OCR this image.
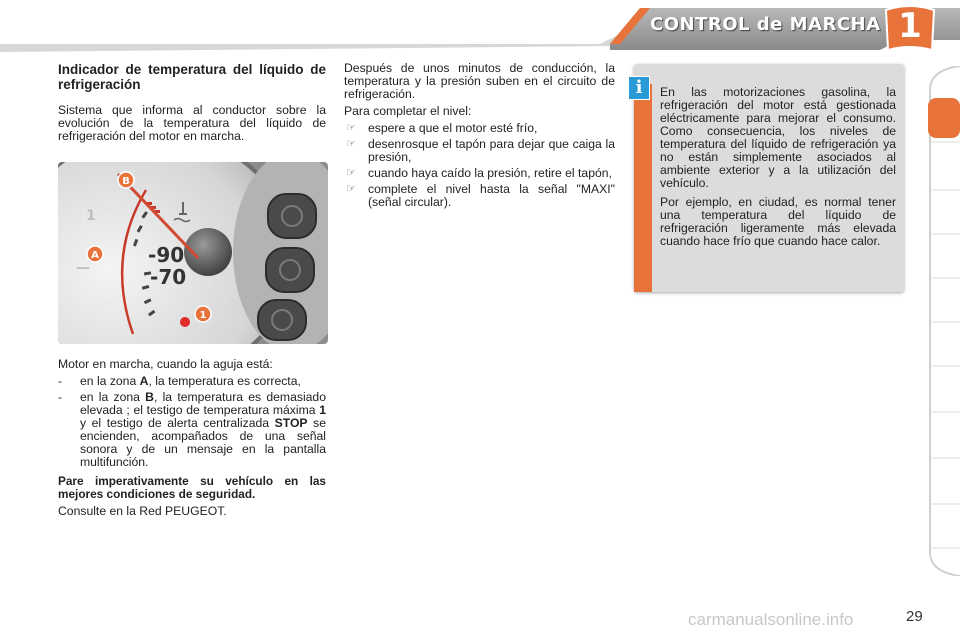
CONTROL de MARCHA 1
Indicador de temperatura del líquido de refrigeración

Sistema que informa al conductor sobre la evolución de la temperatura del líquido de refrigeración del motor en marcha.

1
—
-90
-70
B
A
1

Motor en marcha, cuando la aguja está:

- en la zona A, la temperatura es correcta,
- en la zona B, la temperatura es demasiado elevada ; el testigo de temperatura máxima 1 y el testigo de alerta centralizada STOP se encienden, acompañados de una señal sonora y de un mensaje en la pantalla multifunción.

Pare imperativamente su vehículo en las mejores condiciones de seguridad.

Consulte en la Red PEUGEOT.

Después de unos minutos de conducción, la temperatura y la presión suben en el circuito de refrigeración.

Para completar el nivel:

☞ espere a que el motor esté frío,
☞ desenrosque el tapón para dejar que caiga la presión,
☞ cuando haya caído la presión, retire el tapón,
☞ complete el nivel hasta la señal "MAXI" (señal circular).
i	En las motorizaciones gasolina, la refrigeración del motor está gestionada eléctricamente para mejorar el consumo. Como consecuencia, los niveles de temperatura del líquido de refrigeración ya no están simplemente asociados al ambiente exterior y a la utilización del vehículo.

Por ejemplo, en ciudad, es normal tener una temperatura del líquido de refrigeración ligeramente más elevada cuando hace frío que cuando hace calor.

carmanualsonline.info	29
